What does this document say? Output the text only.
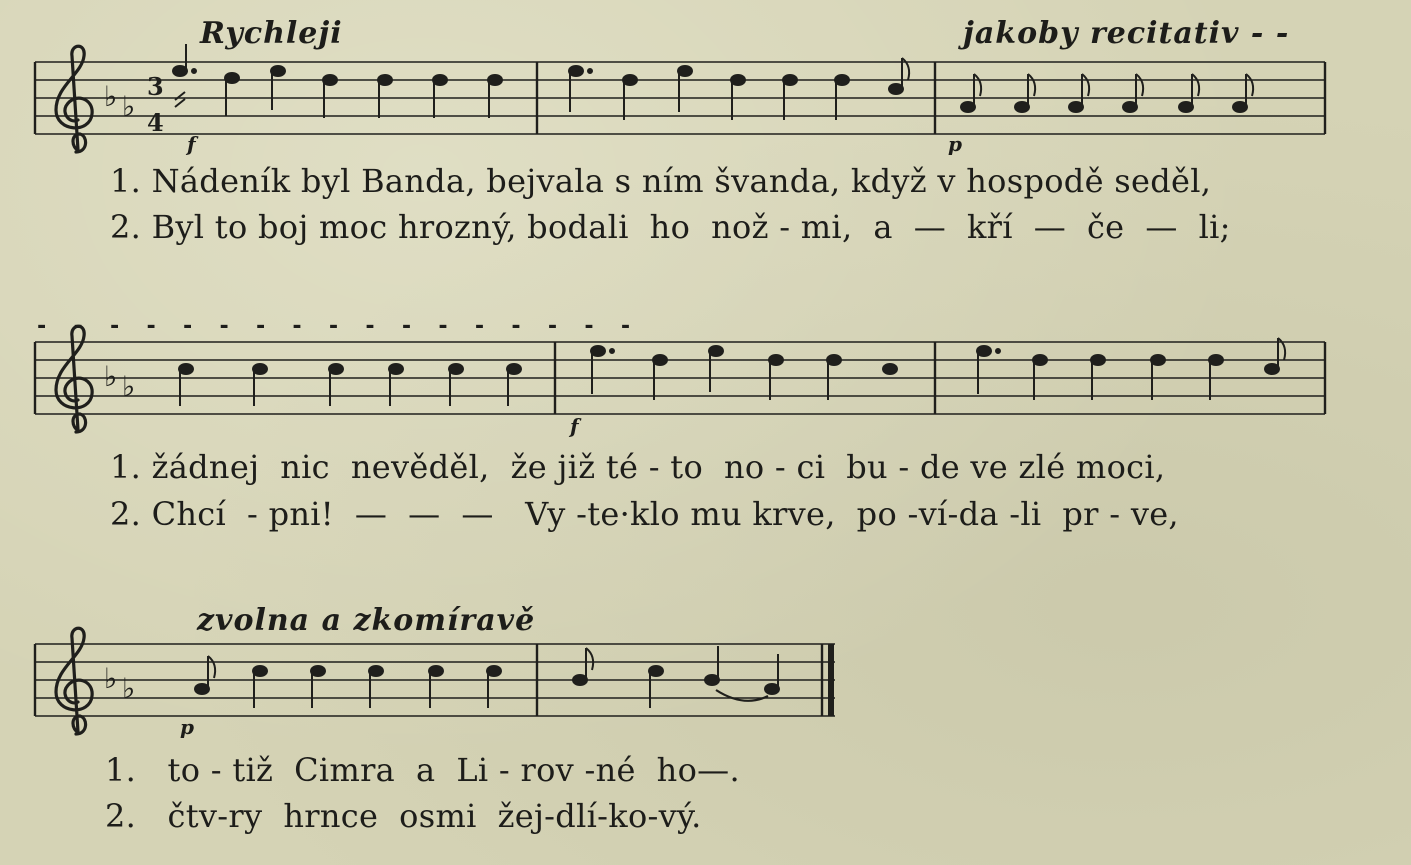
Rychleji	jakoby recitativ - -
♭ ♭
3
4
f	p
1. Nádeník byl Banda, bejvala s ním švanda, když v hospodě seděl,
2. Byl to boj moc hrozný, bodali  ho  nož - mi,  a  —  kří  —  če  —  li;
- - - - - - - - - - - - - - - - -
♭ ♭
f
1. žádnej  nic  nevěděl,  že již té - to  no - ci  bu - de ve zlé moci,
2. Chcí  - pni!  —  —  —   Vy -te·klo mu krve,  po -ví-da -li  pr - ve,
zvolna a zkomíravě
♭ ♭
p
1.   to - tiž  Cimra  a  Li - rov -né  ho—.
2.   čtv-ry  hrnce  osmi  žej-dlí-ko-vý.
